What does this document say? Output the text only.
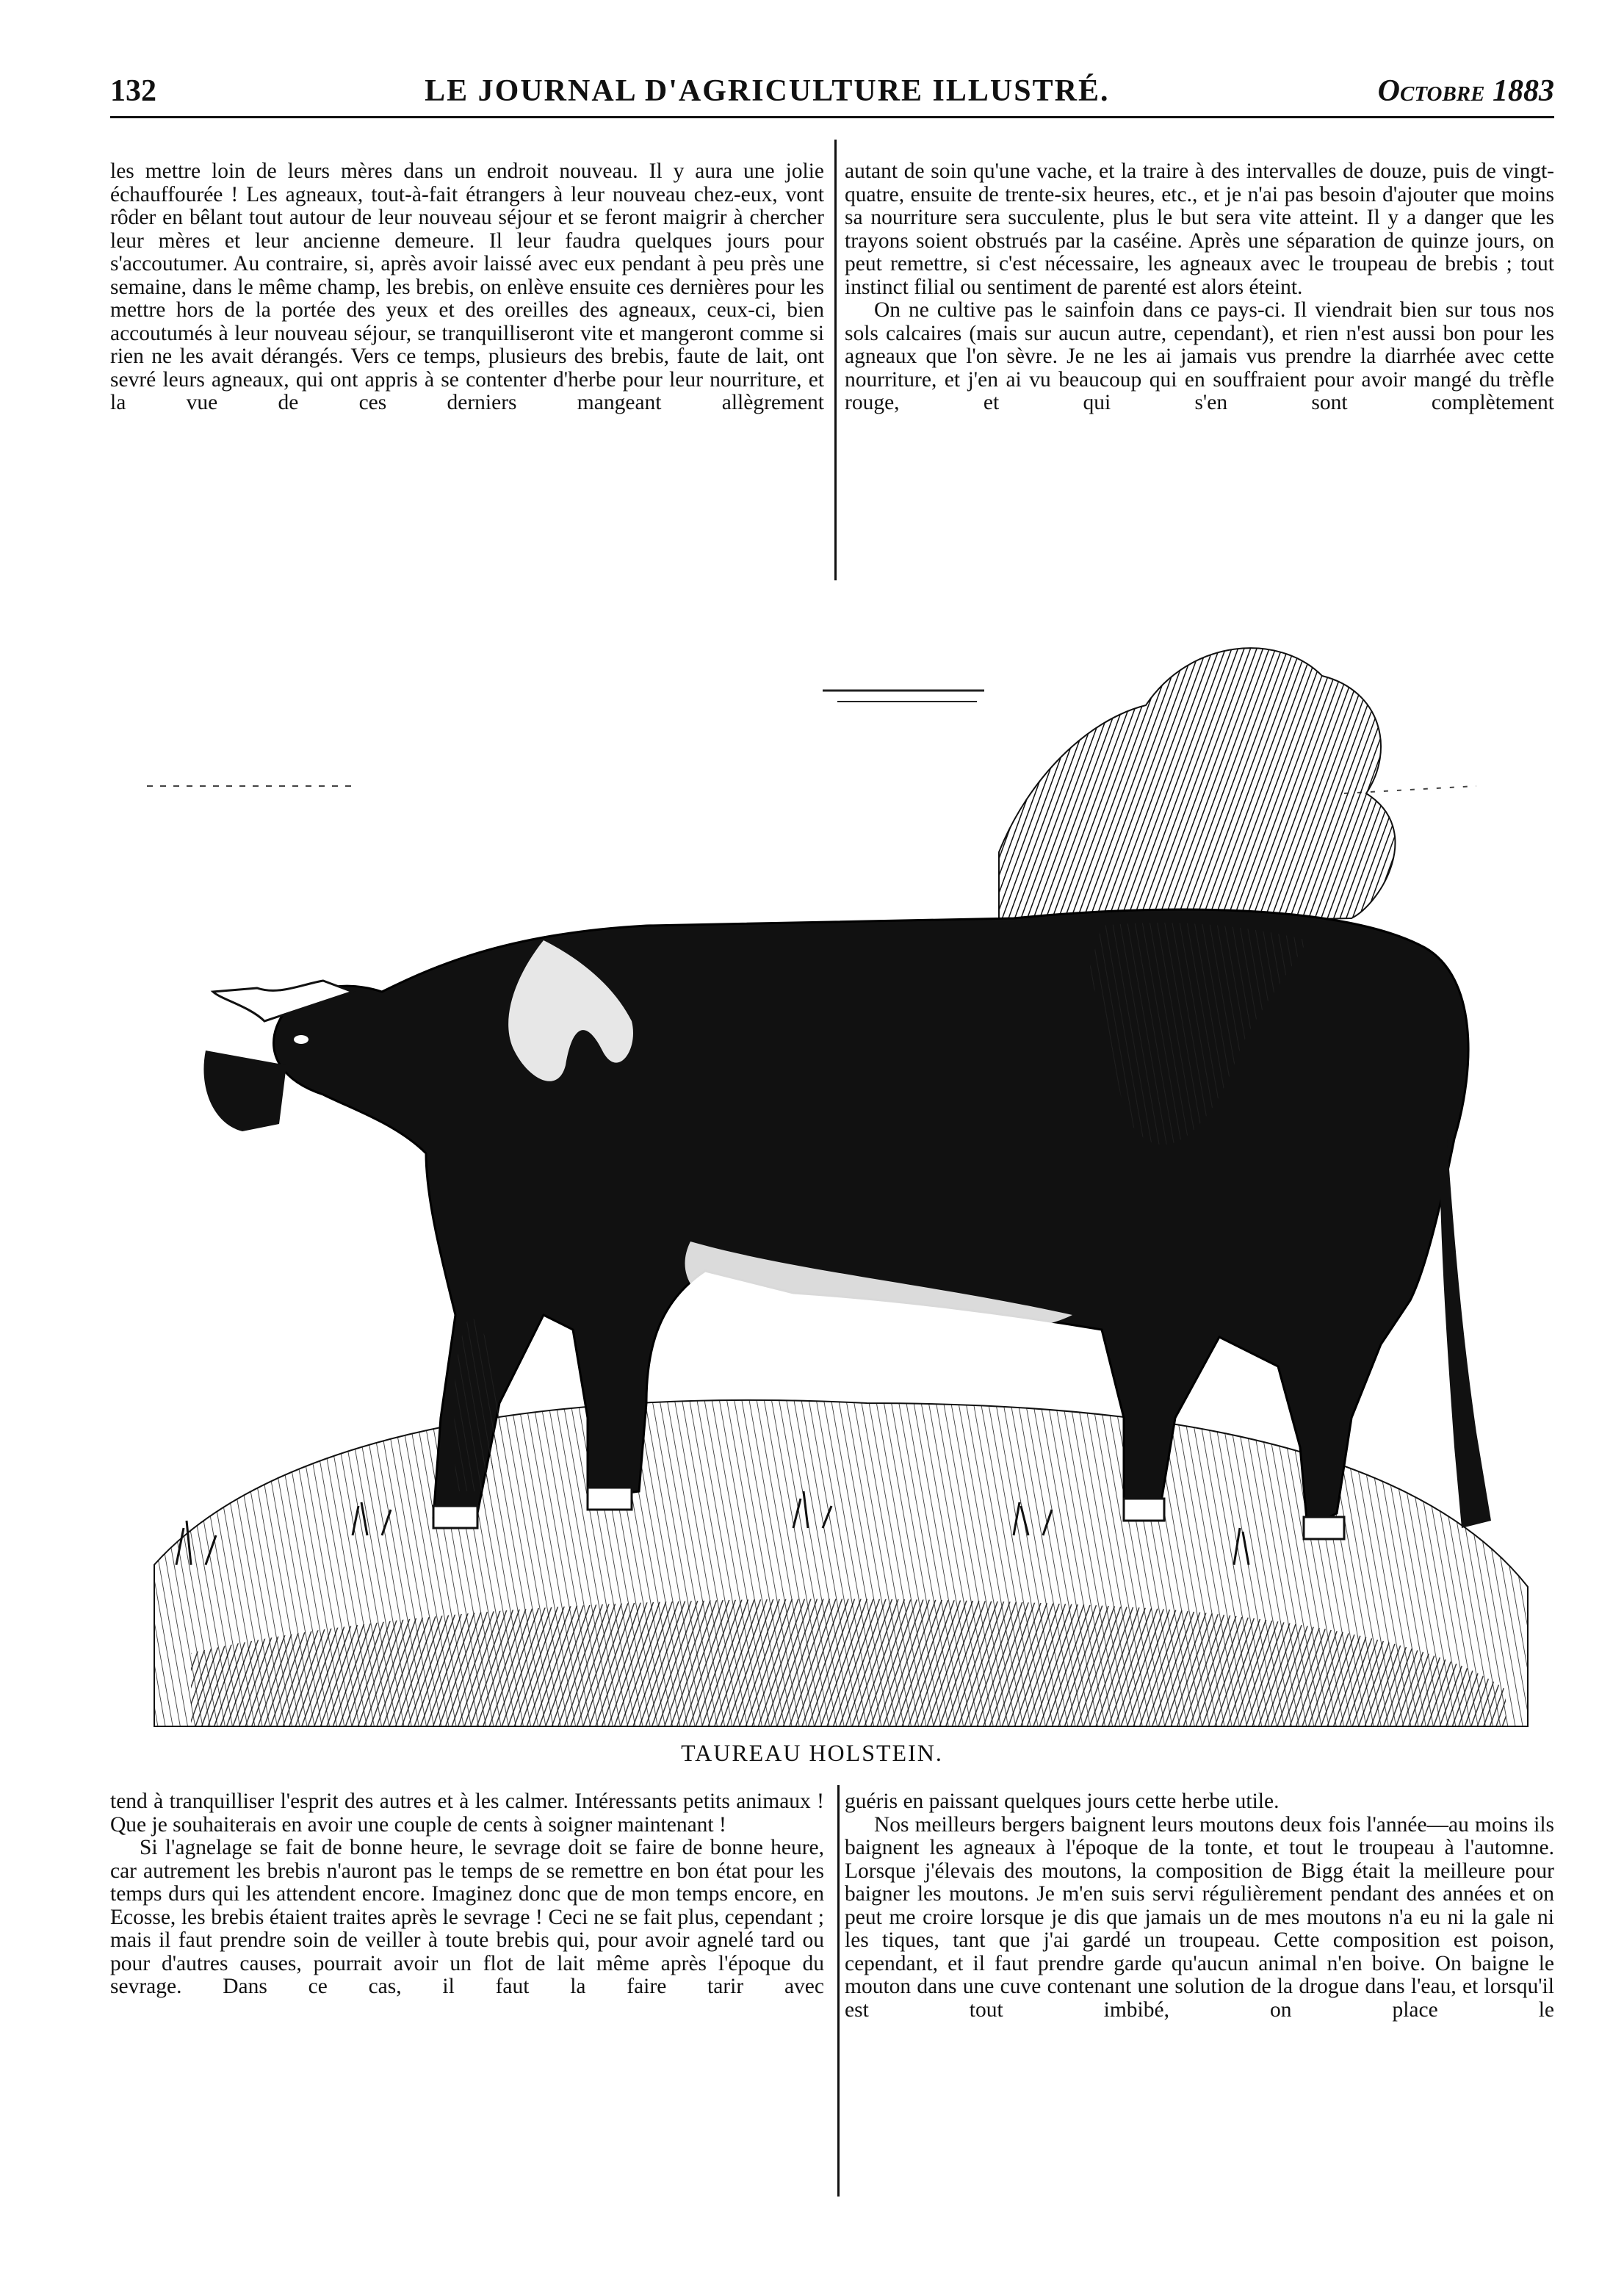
132	LE JOURNAL D'AGRICULTURE ILLUSTRÉ.	Octobre 1883

les mettre loin de leurs mères dans un endroit nouveau. Il y aura une jolie échauffourée ! Les agneaux, tout-à-fait étrangers à leur nouveau chez-eux, vont rôder en bêlant tout autour de leur nouveau séjour et se feront maigrir à chercher leur mères et leur ancienne demeure. Il leur faudra quelques jours pour s'accoutumer. Au contraire, si, après avoir laissé avec eux pendant à peu près une semaine, dans le même champ, les brebis, on enlève ensuite ces dernières pour les mettre hors de la portée des yeux et des oreilles des agneaux, ceux-ci, bien accoutumés à leur nouveau séjour, se tranquilliseront vite et mangeront comme si rien ne les avait dérangés. Vers ce temps, plusieurs des brebis, faute de lait, ont sevré leurs agneaux, qui ont appris à se contenter d'herbe pour leur nourriture, et la vue de ces derniers mangeant allègrement

autant de soin qu'une vache, et la traire à des intervalles de douze, puis de vingt-quatre, ensuite de trente-six heures, etc., et je n'ai pas besoin d'ajouter que moins sa nourriture sera succulente, plus le but sera vite atteint. Il y a danger que les trayons soient obstrués par la caséine. Après une séparation de quinze jours, on peut remettre, si c'est nécessaire, les agneaux avec le troupeau de brebis ; tout instinct filial ou sentiment de parenté est alors éteint.

On ne cultive pas le sainfoin dans ce pays-ci. Il viendrait bien sur tous nos sols calcaires (mais sur aucun autre, cependant), et rien n'est aussi bon pour les agneaux que l'on sèvre. Je ne les ai jamais vus prendre la diarrhée avec cette nourriture, et j'en ai vu beaucoup qui en souffraient pour avoir mangé du trèfle rouge, et qui s'en sont complètement

TAUREAU HOLSTEIN.

tend à tranquilliser l'esprit des autres et à les calmer. Intéressants petits animaux ! Que je souhaiterais en avoir une couple de cents à soigner maintenant !

Si l'agnelage se fait de bonne heure, le sevrage doit se faire de bonne heure, car autrement les brebis n'auront pas le temps de se remettre en bon état pour les temps durs qui les attendent encore. Imaginez donc que de mon temps encore, en Ecosse, les brebis étaient traites après le sevrage ! Ceci ne se fait plus, cependant ; mais il faut prendre soin de veiller à toute brebis qui, pour avoir agnelé tard ou pour d'autres causes, pourrait avoir un flot de lait même après l'époque du sevrage. Dans ce cas, il faut la faire tarir avec

guéris en paissant quelques jours cette herbe utile.

Nos meilleurs bergers baignent leurs moutons deux fois l'année—au moins ils baignent les agneaux à l'époque de la tonte, et tout le troupeau à l'automne. Lorsque j'élevais des moutons, la composition de Bigg était la meilleure pour baigner les moutons. Je m'en suis servi régulièrement pendant des années et on peut me croire lorsque je dis que jamais un de mes moutons n'a eu ni la gale ni les tiques, tant que j'ai gardé un troupeau. Cette composition est poison, cependant, et il faut prendre garde qu'aucun animal n'en boive. On baigne le mouton dans une cuve contenant une solution de la drogue dans l'eau, et lorsqu'il est tout imbibé, on place le
